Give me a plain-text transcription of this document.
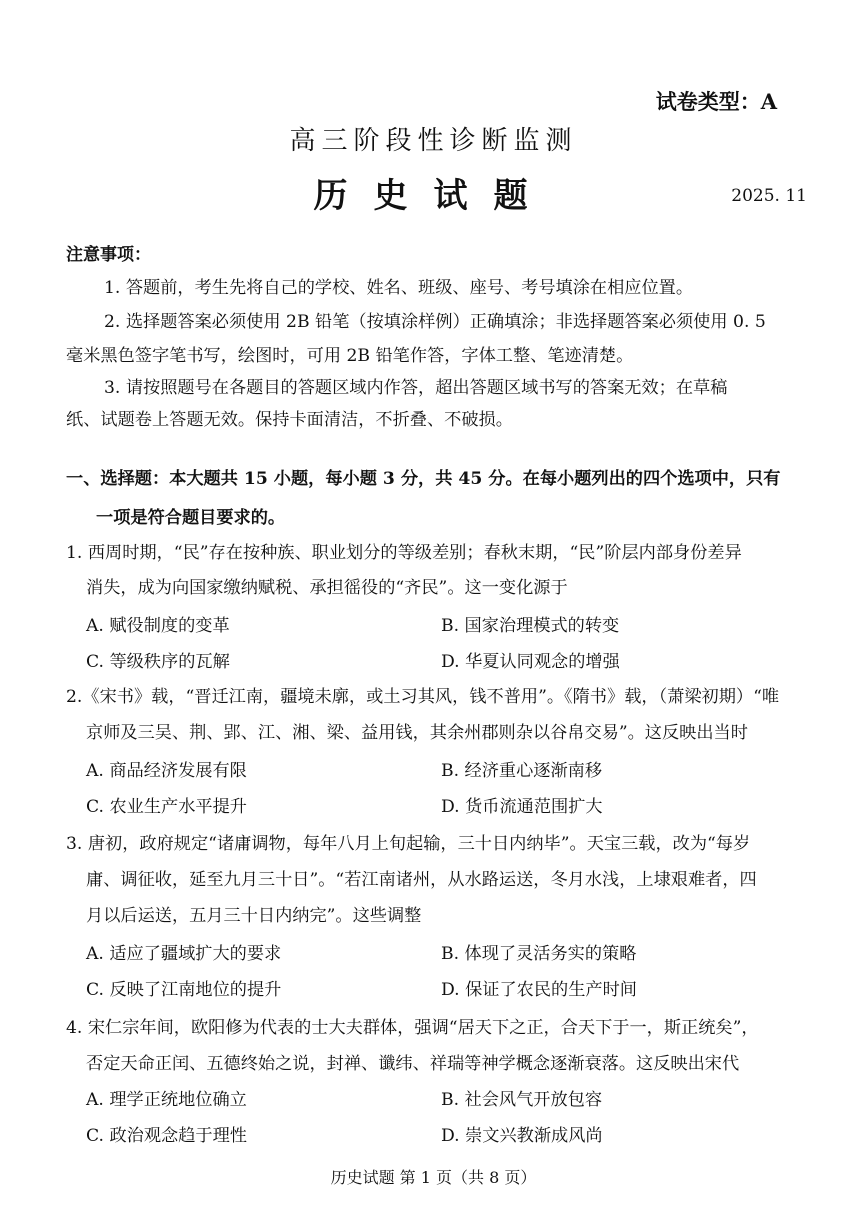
试卷类型：A
高三阶段性诊断监测
历史试题	2025. 11
注意事项：
1. 答题前，考生先将自己的学校、姓名、班级、座号、考号填涂在相应位置。
2. 选择题答案必须使用 2B 铅笔（按填涂样例）正确填涂；非选择题答案必须使用 0. 5
毫米黑色签字笔书写，绘图时，可用 2B 铅笔作答，字体工整、笔迹清楚。
3. 请按照题号在各题目的答题区域内作答，超出答题区域书写的答案无效；在草稿
纸、试题卷上答题无效。保持卡面清洁，不折叠、不破损。
一、选择题：本大题共 15 小题，每小题 3 分，共 45 分。在每小题列出的四个选项中，只有
一项是符合题目要求的。
1. 西周时期，“民”存在按种族、职业划分的等级差别；春秋末期，“民”阶层内部身份差异
消失，成为向国家缴纳赋税、承担徭役的“齐民”。这一变化源于
A. 赋役制度的变革	B. 国家治理模式的转变
C. 等级秩序的瓦解	D. 华夏认同观念的增强
2.《宋书》载，“晋迁江南，疆境未廓，或土习其风，钱不普用”。《隋书》载，（萧梁初期）“唯
京师及三吴、荆、郢、江、湘、梁、益用钱，其余州郡则杂以谷帛交易”。这反映出当时
A. 商品经济发展有限	B. 经济重心逐渐南移
C. 农业生产水平提升	D. 货币流通范围扩大
3. 唐初，政府规定“诸庸调物，每年八月上旬起输，三十日内纳毕”。天宝三载，改为“每岁
庸、调征收，延至九月三十日”。“若江南诸州，从水路运送，冬月水浅，上埭艰难者，四
月以后运送，五月三十日内纳完”。这些调整
A. 适应了疆域扩大的要求	B. 体现了灵活务实的策略
C. 反映了江南地位的提升	D. 保证了农民的生产时间
4. 宋仁宗年间，欧阳修为代表的士大夫群体，强调“居天下之正，合天下于一，斯正统矣”，
否定天命正闰、五德终始之说，封禅、谶纬、祥瑞等神学概念逐渐衰落。这反映出宋代
A. 理学正统地位确立	B. 社会风气开放包容
C. 政治观念趋于理性	D. 崇文兴教渐成风尚
历史试题 第 1 页（共 8 页）
